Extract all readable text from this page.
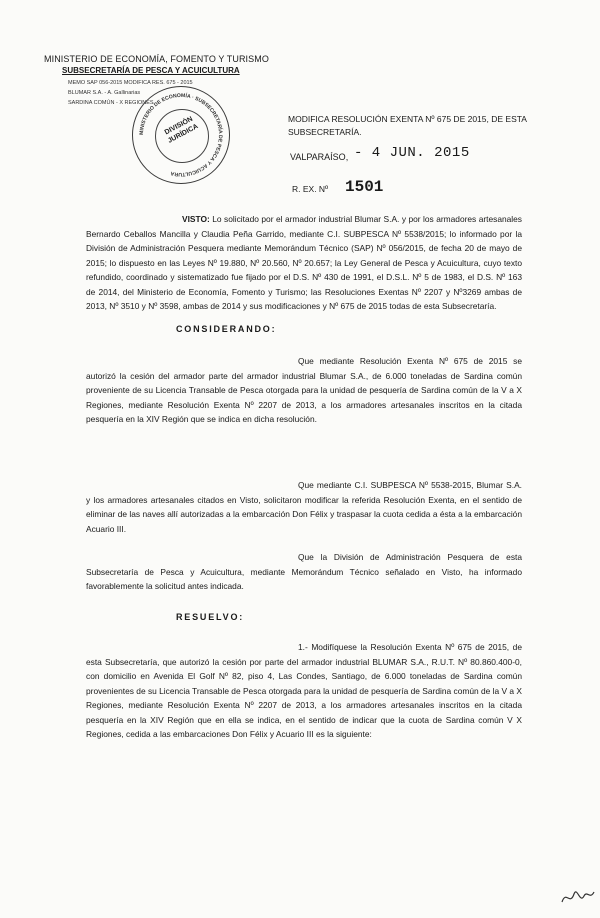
MINISTERIO DE ECONOMÍA, FOMENTO Y TURISMO
SUBSECRETARÍA DE PESCA Y ACUICULTURA
MEMO SAP 056-2015 MODIFICA RES. 675 - 2015
BLUMAR S.A. - A. Gallinarias
SARDINA COMÚN - X REGIONES
MINISTERIO DE ECONOMÍA · SUBSECRETARÍA DE PESCA Y ACUICULTURA
DIVISIÓN JURÍDICA
MODIFICA RESOLUCIÓN EXENTA Nº 675 DE 2015, DE ESTA SUBSECRETARÍA.
VALPARAÍSO, - 4 JUN. 2015
R. EX. Nº 1501
VISTO: Lo solicitado por el armador industrial Blumar S.A. y por los armadores artesanales Bernardo Ceballos Mancilla y Claudia Peña Garrido, mediante C.I. SUBPESCA Nº 5538/2015; lo informado por la División de Administración Pesquera mediante Memorándum Técnico (SAP) Nº 056/2015, de fecha 20 de mayo de 2015; lo dispuesto en las Leyes Nº 19.880, Nº 20.560, Nº 20.657; la Ley General de Pesca y Acuicultura, cuyo texto refundido, coordinado y sistematizado fue fijado por el D.S. Nº 430 de 1991, el D.S.L. Nº 5 de 1983, el D.S. Nº 163 de 2014, del Ministerio de Economía, Fomento y Turismo; las Resoluciones Exentas Nº 2207 y Nº3269 ambas de 2013, Nº 3510 y Nº 3598, ambas de 2014 y sus modificaciones y Nº 675 de 2015 todas de esta Subsecretaría.
CONSIDERANDO:
Que mediante Resolución Exenta Nº 675 de 2015 se autorizó la cesión del armador parte del armador industrial Blumar S.A., de 6.000 toneladas de Sardina común proveniente de su Licencia Transable de Pesca otorgada para la unidad de pesquería de Sardina común de la V a X Regiones, mediante Resolución Exenta Nº 2207 de 2013, a los armadores artesanales inscritos en la citada pesquería en la XIV Región que se indica en dicha resolución.
Que mediante C.I. SUBPESCA Nº 5538-2015, Blumar S.A. y los armadores artesanales citados en Visto, solicitaron modificar la referida Resolución Exenta, en el sentido de eliminar de las naves allí autorizadas a la embarcación Don Félix y traspasar la cuota cedida a ésta a la embarcación Acuario III.
Que la División de Administración Pesquera de esta Subsecretaría de Pesca y Acuicultura, mediante Memorándum Técnico señalado en Visto, ha informado favorablemente la solicitud antes indicada.
RESUELVO:
1.- Modifíquese la Resolución Exenta Nº 675 de 2015, de esta Subsecretaría, que autorizó la cesión por parte del armador industrial BLUMAR S.A., R.U.T. Nº 80.860.400-0, con domicilio en Avenida El Golf Nº 82, piso 4, Las Condes, Santiago, de 6.000 toneladas de Sardina común provenientes de su Licencia Transable de Pesca otorgada para la unidad de pesquería de Sardina común de la V a X Regiones, mediante Resolución Exenta Nº 2207 de 2013, a los armadores artesanales inscritos en la citada pesquería en la XIV Región que en ella se indica, en el sentido de indicar que la cuota de Sardina común V X Regiones, cedida a las embarcaciones Don Félix y Acuario III es la siguiente:
